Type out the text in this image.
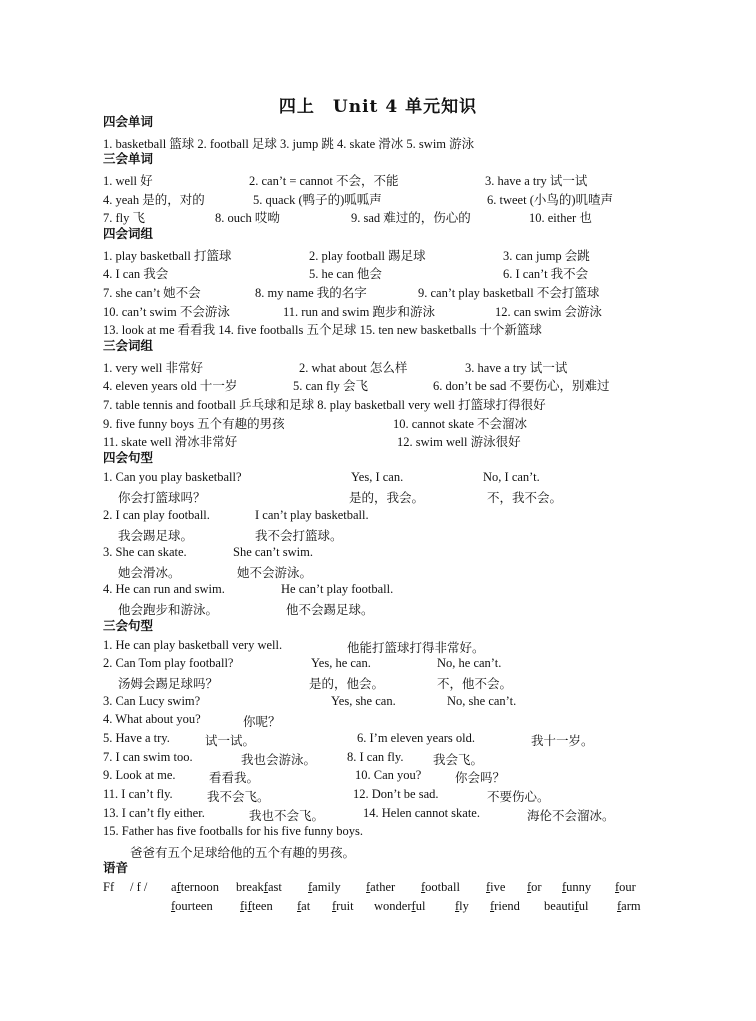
四上　Unit 4 单元知识
四会单词
1. basketball 篮球 2. football 足球 3. jump 跳 4. skate 滑冰 5. swim 游泳
三会单词
1. well 好	2. can’t = cannot 不会，不能	3. have a try 试一试
4. yeah 是的，对的	5. quack (鸭子的)呱呱声	6. tweet (小鸟的)叽喳声
7. fly 飞	8. ouch 哎呦	9. sad 难过的，伤心的	10. either 也
四会词组
1. play basketball 打篮球	2. play football 踢足球	3. can jump 会跳
4. I can 我会	5. he can 他会	6. I can’t 我不会
7. she can’t 她不会	8. my name 我的名字	9. can’t play basketball 不会打篮球
10. can’t swim 不会游泳	11. run and swim 跑步和游泳	12. can swim 会游泳
13. look at me 看看我 14. five footballs 五个足球 15. ten new basketballs 十个新篮球
三会词组
1. very well 非常好	2. what about 怎么样	3. have a try 试一试
4. eleven years old 十一岁	5. can fly 会飞	6. don’t be sad 不要伤心，别难过
7. table tennis and football 乒乓球和足球 8. play basketball very well 打篮球打得很好
9. five funny boys 五个有趣的男孩	10. cannot skate 不会溜冰
11. skate well 滑冰非常好	12. swim well 游泳很好
四会句型
1. Can you play basketball?	Yes, I can.	No, I can’t.
你会打篮球吗？	是的，我会。	不，我不会。
2. I can play football.	I can’t play basketball.
我会踢足球。	我不会打篮球。
3. She can skate.	She can’t swim.
她会滑冰。	她不会游泳。
4. He can run and swim.	He can’t play football.
他会跑步和游泳。	他不会踢足球。
三会句型
1. He can play basketball very well.	他能打篮球打得非常好。
2. Can Tom play football?	Yes, he can.	No, he can’t.
汤姆会踢足球吗？	是的，他会。	不，他不会。
3. Can Lucy swim?	Yes, she can.	No, she can’t.
4. What about you?	你呢？
5. Have a try.	试一试。	6. I’m eleven years old.	我十一岁。
7. I can swim too.	我也会游泳。 8. I can fly. 我会飞。
9. Look at me.	看看我。	10. Can you?	你会吗？
11. I can’t fly.	我不会飞。	12. Don’t be sad.	不要伤心。
13. I can’t fly either.	我也不会飞。	14. Helen cannot skate.	海伦不会溜冰。
15. Father has five footballs for his five funny boys.
爸爸有五个足球给他的五个有趣的男孩。
语音
Ff / f / afternoon breakfast family father football five for funny four
fourteen fifteen fat fruit wonderful fly friend beautiful farm
